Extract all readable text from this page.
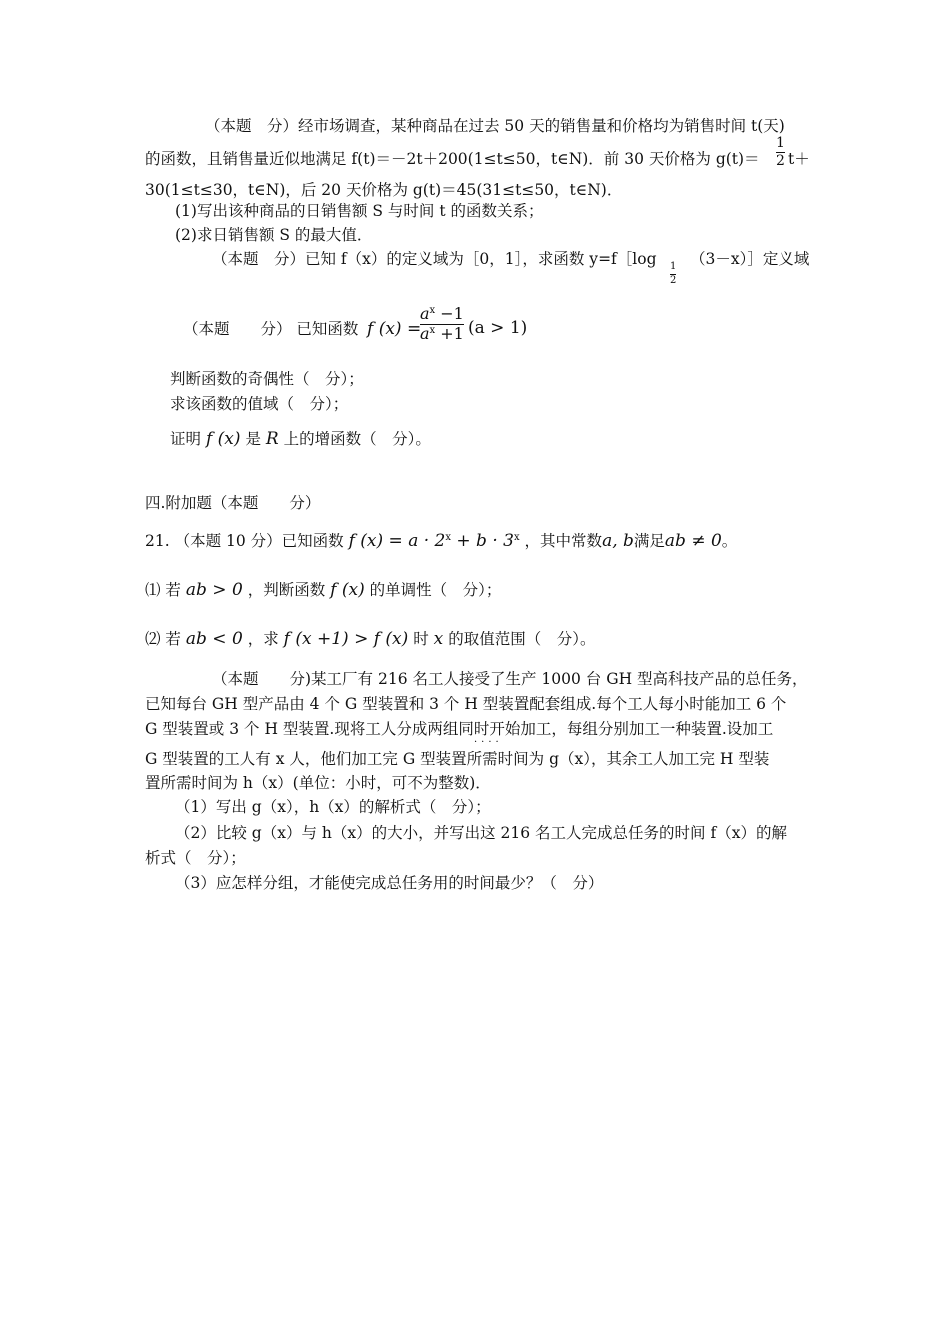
（本题　分）经市场调查，某种商品在过去 50 天的销售量和价格均为销售时间 t(天)
的函数，且销售量近似地满足 f(t)＝－2t＋200(1≤t≤50，t∈N)．前 30 天价格为 g(t)＝
1
2 t＋
30(1≤t≤30，t∈N)，后 20 天价格为 g(t)＝45(31≤t≤50，t∈N)．
(1)写出该种商品的日销售额 S 与时间 t 的函数关系；
(2)求日销售额 S 的最大值．
（本题　分）已知 f（x）的定义域为［0，1］，求函数 y=f［log 1
2
（3－x）］定义域
（本题　　分） 已知函数 f (x) =
$a^x -1$
$a^x +1$ (a > 1)
判断函数的奇偶性（　分）；
求该函数的值域（　分）；
证明 f (x) 是 R 上的增函数（　分）。
四.附加题（本题　　分）
21. （本题 10 分）已知函数 f $(x) = a \cdot 2^x + b \cdot 3^x$ ，其中常数a, b满足ab ≠ 0。
⑴ 若 ab > 0 ，判断函数 f (x) 的单调性（　分）；
⑵ 若 ab < 0 ，求 f (x +1) > f (x) 时 x 的取值范围（　分）。
（本题　　分)某工厂有 216 名工人接受了生产 1000 台 GH 型高科技产品的总任务，
已知每台 GH 型产品由 4 个 G 型装置和 3 个 H 型装置配套组成.每个工人每小时能加工 6 个
G 型装置或 3 个 H 型装置.现将工人分成两组同时开始加工，每组分别加工一种装置.设加工
····
G 型装置的工人有 x 人，他们加工完 G 型装置所需时间为 g（x），其余工人加工完 H 型装
置所需时间为 h（x）(单位：小时，可不为整数)．
（1）写出 g（x），h（x）的解析式（　分）；
（2）比较 g（x）与 h（x）的大小，并写出这 216 名工人完成总任务的时间 f（x）的解
析式（　分）；
（3）应怎样分组，才能使完成总任务用的时间最少？（　分）
